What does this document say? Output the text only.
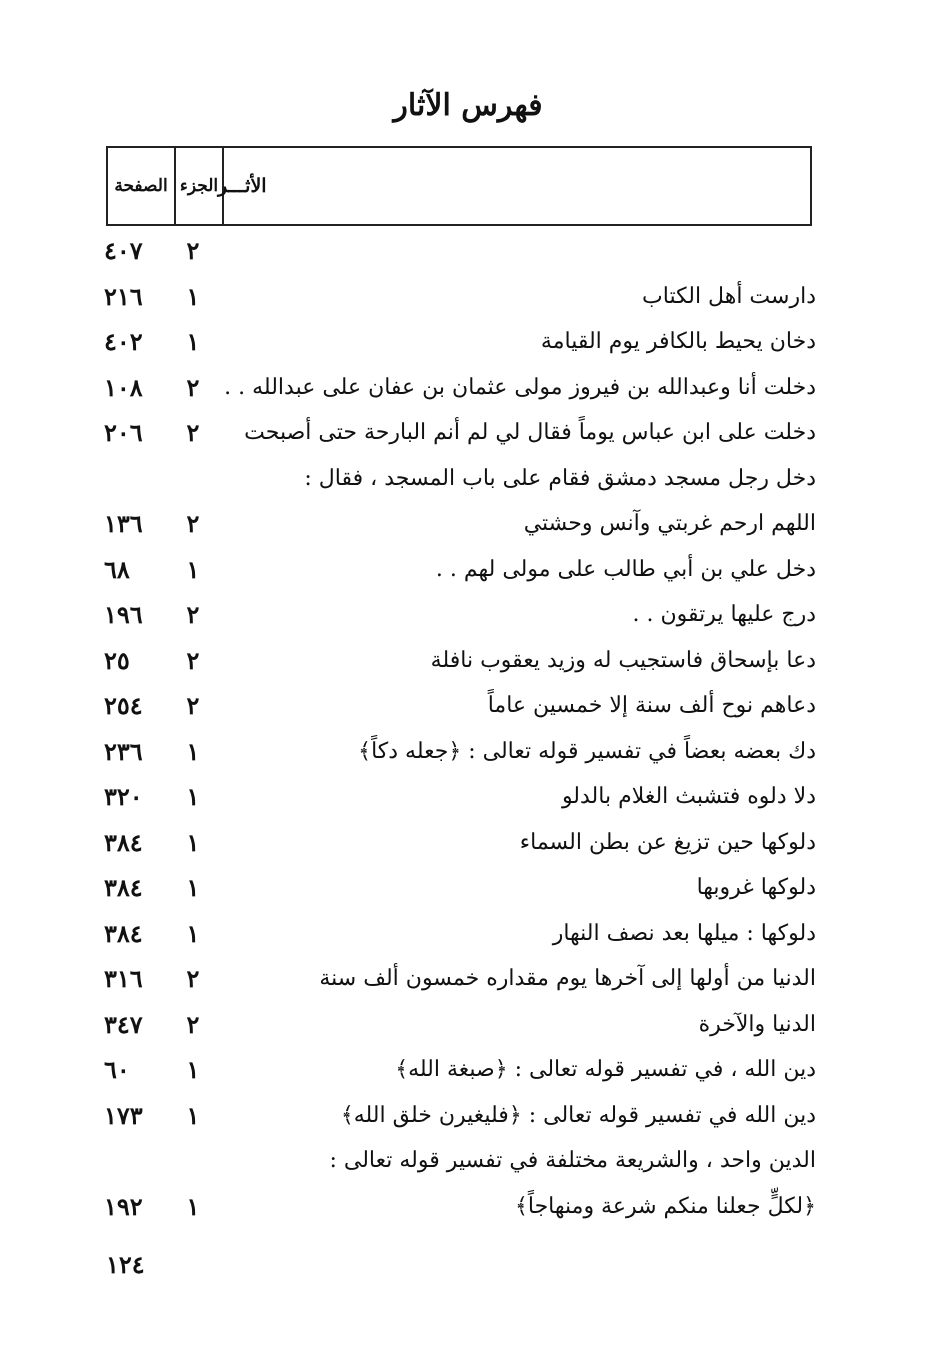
فهرس الآثار
الصفحة الجزء الأثـــر
٤٠٧	٢
٢١٦	١	دارست أهل الكتاب
٤٠٢	١	دخان يحيط بالكافر يوم القيامة
١٠٨	٢	دخلت أنا وعبدالله بن فيروز مولى عثمان بن عفان على عبدالله . .
٢٠٦	٢	دخلت على ابن عباس يوماً فقال لي لم أنم البارحة حتى أصبحت
دخل رجل مسجد دمشق فقام على باب المسجد ، فقال :
١٣٦	٢	اللهم ارحم غربتي وآنس وحشتي
٦٨	١	دخل علي بن أبي طالب على مولى لهم . .
١٩٦	٢	درج عليها يرتقون . .
٢٥	٢	دعا بإسحاق فاستجيب له وزيد يعقوب نافلة
٢٥٤	٢	دعاهم نوح ألف سنة إلا خمسين عاماً
٢٣٦	١	دك بعضه بعضاً في تفسير قوله تعالى : ﴿جعله دكاً﴾
٣٢٠	١	دلا دلوه فتشبث الغلام بالدلو
٣٨٤	١	دلوكها حين تزيغ عن بطن السماء
٣٨٤	١	دلوكها غروبها
٣٨٤	١	دلوكها : ميلها بعد نصف النهار
٣١٦	٢	الدنيا من أولها إلى آخرها يوم مقداره خمسون ألف سنة
٣٤٧	٢	الدنيا والآخرة
٦٠	١	دين الله ، في تفسير قوله تعالى : ﴿صبغة الله﴾
١٧٣	١	دين الله في تفسير قوله تعالى : ﴿فليغيرن خلق الله﴾
الدين واحد ، والشريعة مختلفة في تفسير قوله تعالى :
١٩٢	١	﴿لكلٍّ جعلنا منكم شرعة ومنهاجاً﴾
١٢٤
